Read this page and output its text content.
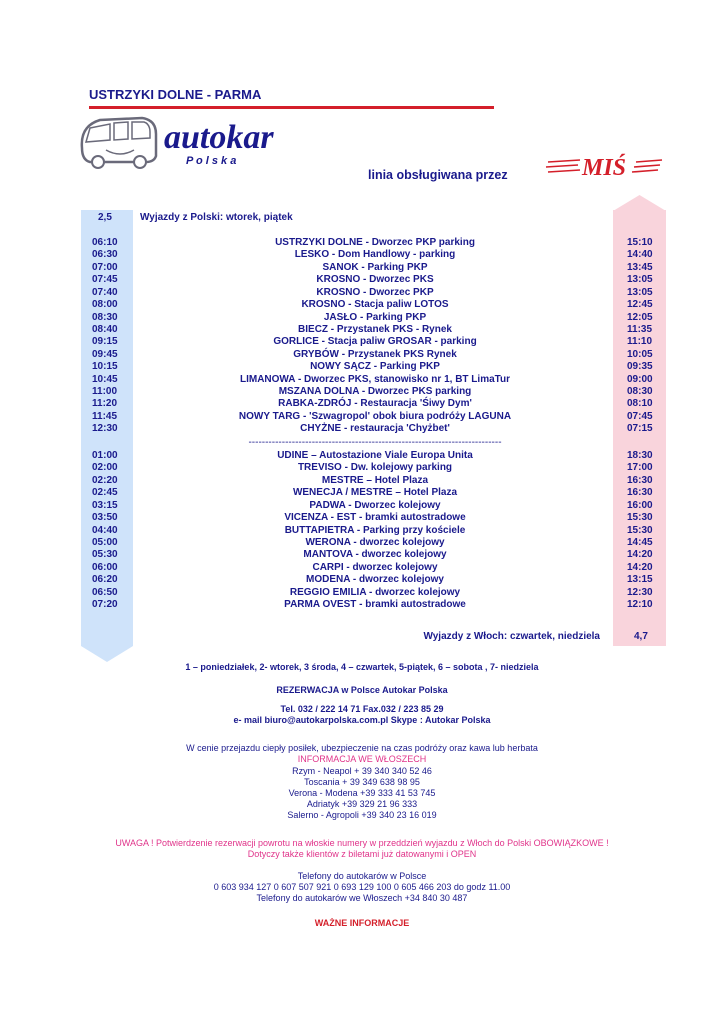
USTRZYKI DOLNE - PARMA
autokar
P o l s k a
linia obsługiwana przez	MIŚ
2,5	Wyjazdy z Polski: wtorek, piątek
06:10	USTRZYKI DOLNE - Dworzec PKP parking	15:10
06:30	LESKO - Dom Handlowy - parking	14:40
07:00	SANOK - Parking PKP	13:45
07:45	KROSNO - Dworzec PKS	13:05
07:40	KROSNO - Dworzec PKP	13:05
08:00	KROSNO - Stacja paliw LOTOS	12:45
08:30	JASŁO - Parking PKP	12:05
08:40	BIECZ - Przystanek PKS - Rynek	11:35
09:15	GORLICE - Stacja paliw GROSAR - parking	11:10
09:45	GRYBÓW - Przystanek PKS Rynek	10:05
10:15	NOWY SĄCZ - Parking PKP	09:35
10:45	LIMANOWA - Dworzec PKS, stanowisko nr 1, BT LimaTur	09:00
11:00	MSZANA DOLNA - Dworzec PKS parking	08:30
11:20	RABKA-ZDRÓJ - Restauracja 'Śiwy Dym'	08:10
11:45	NOWY TARG - 'Szwagropol' obok biura podróży LAGUNA	07:45
12:30	CHYŻNE - restauracja 'Chyżbet'	07:15
----------------------------------------------------------------------------
01:00	UDINE – Autostazione Viale Europa Unita	18:30
02:00	TREVISO - Dw. kolejowy parking	17:00
02:20	MESTRE – Hotel Plaza	16:30
02:45	WENECJA / MESTRE – Hotel Plaza	16:30
03:15	PADWA - Dworzec kolejowy	16:00
03:50	VICENZA - EST - bramki autostradowe	15:30
04:40	BUTTAPIETRA - Parking przy kościele	15:30
05:00	WERONA - dworzec kolejowy	14:45
05:30	MANTOVA - dworzec kolejowy	14:20
06:00	CARPI - dworzec kolejowy	14:20
06:20	MODENA - dworzec kolejowy	13:15
06:50	REGGIO EMILIA - dworzec kolejowy	12:30
07:20	PARMA OVEST - bramki autostradowe	12:10
Wyjazdy z Włoch: czwartek, niedziela	4,7
1 – poniedziałek, 2- wtorek, 3 środa, 4 – czwartek, 5-piątek, 6 – sobota , 7- niedziela
REZERWACJA w Polsce Autokar Polska
Tel. 032 / 222 14 71 Fax.032 / 223 85 29
e- mail biuro@autokarpolska.com.pl Skype : Autokar Polska
W cenie przejazdu ciepły posiłek, ubezpieczenie na czas podróży oraz kawa lub herbata
INFORMACJA WE WŁOSZECH
Rzym - Neapol + 39 340 340 52 46
Toscania + 39 349 638 98 95
Verona - Modena +39 333 41 53 745
Adriatyk +39 329 21 96 333
Salerno - Agropoli +39 340 23 16 019
UWAGA ! Potwierdzenie rezerwacji powrotu na włoskie numery w przeddzień wyjazdu z Włoch do Polski OBOWIĄZKOWE !
Dotyczy także klientów z biletami już datowanymi i OPEN
Telefony do autokarów w Polsce
0 603 934 127 0 607 507 921 0 693 129 100 0 605 466 203 do godz 11.00
Telefony do autokarów we Włoszech +34 840 30 487
WAŻNE INFORMACJE
